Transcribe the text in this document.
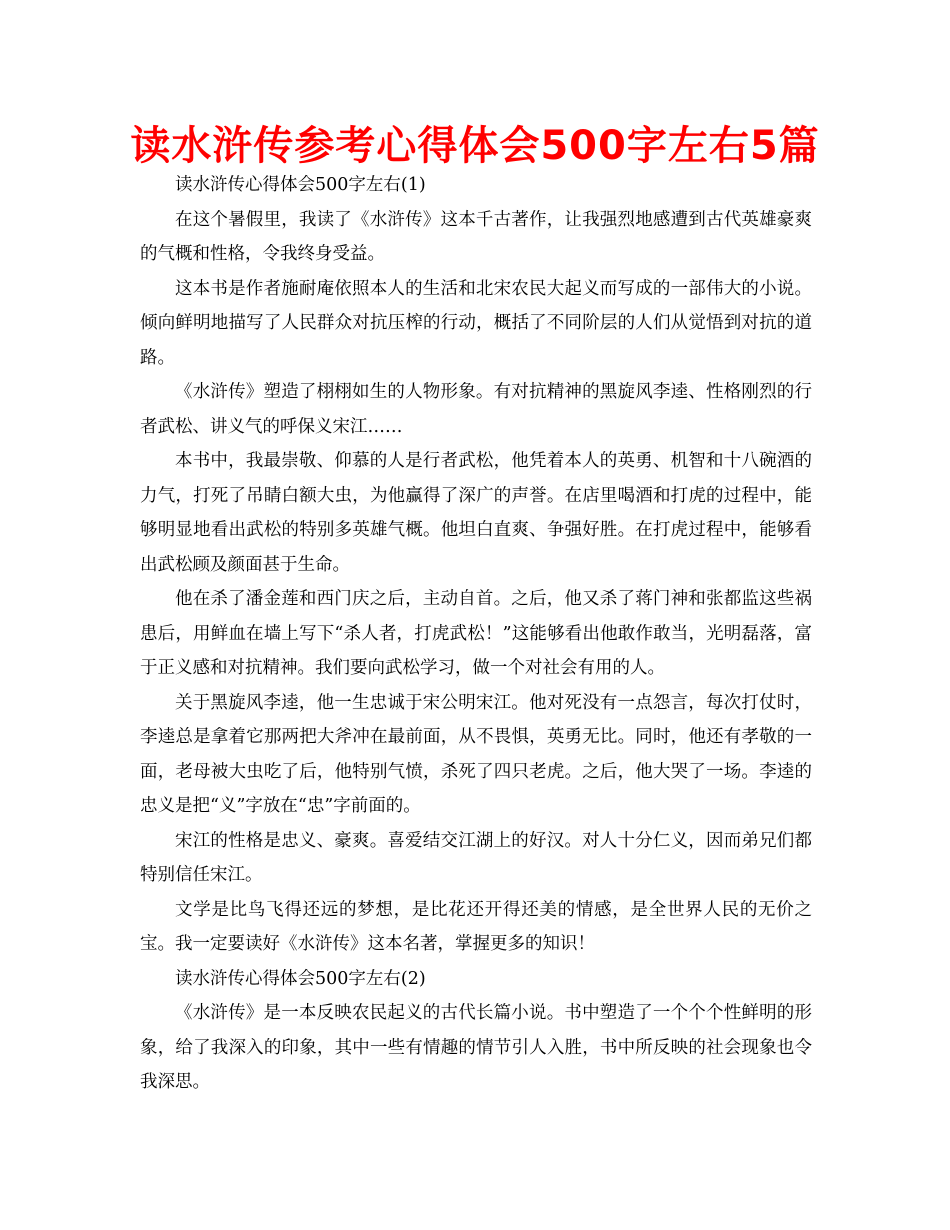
读水浒传参考心得体会500字左右5篇

读水浒传心得体会500字左右(1)

在这个暑假里，我读了《水浒传》这本千古著作，让我强烈地感遭到古代英雄豪爽的气概和性格，令我终身受益。

这本书是作者施耐庵依照本人的生活和北宋农民大起义而写成的一部伟大的小说。倾向鲜明地描写了人民群众对抗压榨的行动，概括了不同阶层的人们从觉悟到对抗的道路。

《水浒传》塑造了栩栩如生的人物形象。有对抗精神的黑旋风李逵、性格刚烈的行者武松、讲义气的呼保义宋江……

本书中，我最崇敬、仰慕的人是行者武松，他凭着本人的英勇、机智和十八碗酒的力气，打死了吊睛白额大虫，为他赢得了深广的声誉。在店里喝酒和打虎的过程中，能够明显地看出武松的特别多英雄气概。他坦白直爽、争强好胜。在打虎过程中，能够看出武松顾及颜面甚于生命。

他在杀了潘金莲和西门庆之后，主动自首。之后，他又杀了蒋门神和张都监这些祸患后，用鲜血在墙上写下“杀人者，打虎武松！”这能够看出他敢作敢当，光明磊落，富于正义感和对抗精神。我们要向武松学习，做一个对社会有用的人。

关于黑旋风李逵，他一生忠诚于宋公明宋江。他对死没有一点怨言，每次打仗时，李逵总是拿着它那两把大斧冲在最前面，从不畏惧，英勇无比。同时，他还有孝敬的一面，老母被大虫吃了后，他特别气愤，杀死了四只老虎。之后，他大哭了一场。李逵的忠义是把“义”字放在“忠”字前面的。

宋江的性格是忠义、豪爽。喜爱结交江湖上的好汉。对人十分仁义，因而弟兄们都特别信任宋江。

文学是比鸟飞得还远的梦想，是比花还开得还美的情感，是全世界人民的无价之宝。我一定要读好《水浒传》这本名著，掌握更多的知识！

读水浒传心得体会500字左右(2)

《水浒传》是一本反映农民起义的古代长篇小说。书中塑造了一个个个性鲜明的形象，给了我深入的印象，其中一些有情趣的情节引人入胜，书中所反映的社会现象也令我深思。
